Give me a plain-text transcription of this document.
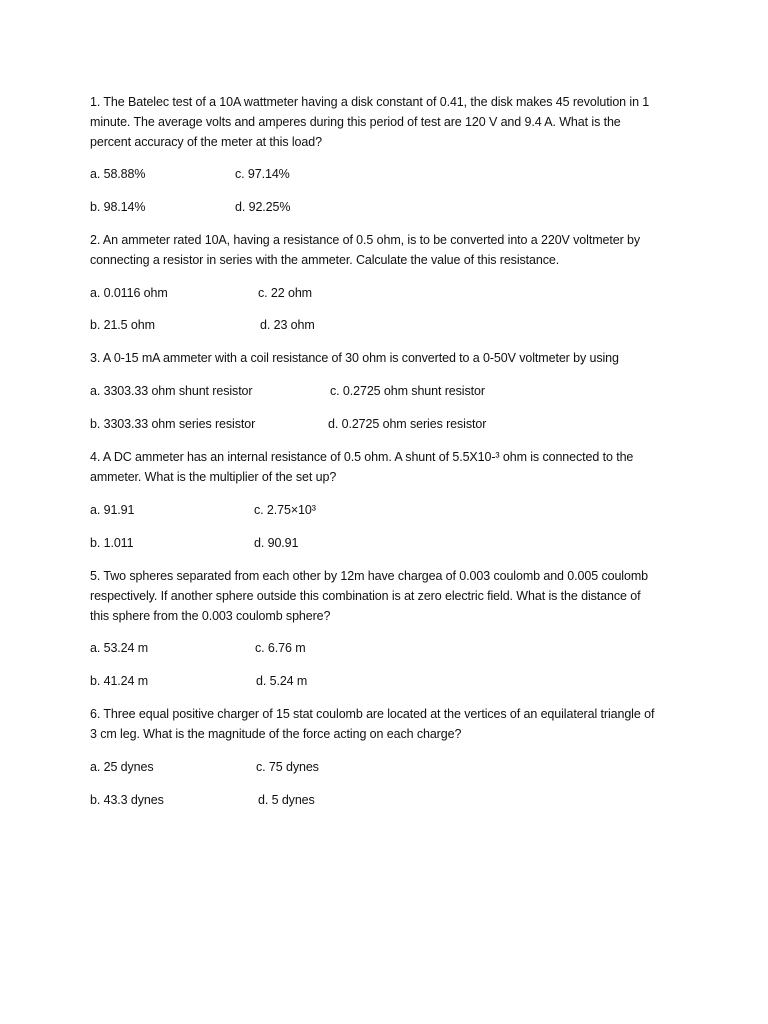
1. The Batelec test of a 10A wattmeter having a disk constant of 0.41, the disk makes 45 revolution in 1
minute. The average volts and amperes during this period of test are 120 V and 9.4 A. What is the
percent accuracy of the meter at this load?
a. 58.88%	c. 97.14%
b. 98.14%	d. 92.25%
2. An ammeter rated 10A, having a resistance of 0.5 ohm, is to be converted into a 220V voltmeter by
connecting a resistor in series with the ammeter. Calculate the value of this resistance.
a. 0.0116 ohm	c. 22 ohm
b. 21.5 ohm	d. 23 ohm
3. A 0-15 mA ammeter with a coil resistance of 30 ohm is converted to a 0-50V voltmeter by using
a. 3303.33 ohm shunt resistor	c. 0.2725 ohm shunt resistor
b. 3303.33 ohm series resistor	d. 0.2725 ohm series resistor
4. A DC ammeter has an internal resistance of 0.5 ohm. A shunt of 5.5X10-³ ohm is connected to the
ammeter. What is the multiplier of the set up?
a. 91.91	c. 2.75×10³
b. 1.011	d. 90.91
5. Two spheres separated from each other by 12m have chargea of 0.003 coulomb and 0.005 coulomb
respectively. If another sphere outside this combination is at zero electric field. What is the distance of
this sphere from the 0.003 coulomb sphere?
a. 53.24 m	c. 6.76 m
b. 41.24 m	d. 5.24 m
6. Three equal positive charger of 15 stat coulomb are located at the vertices of an equilateral triangle of
3 cm leg. What is the magnitude of the force acting on each charge?
a. 25 dynes	c. 75 dynes
b. 43.3 dynes	d. 5 dynes
